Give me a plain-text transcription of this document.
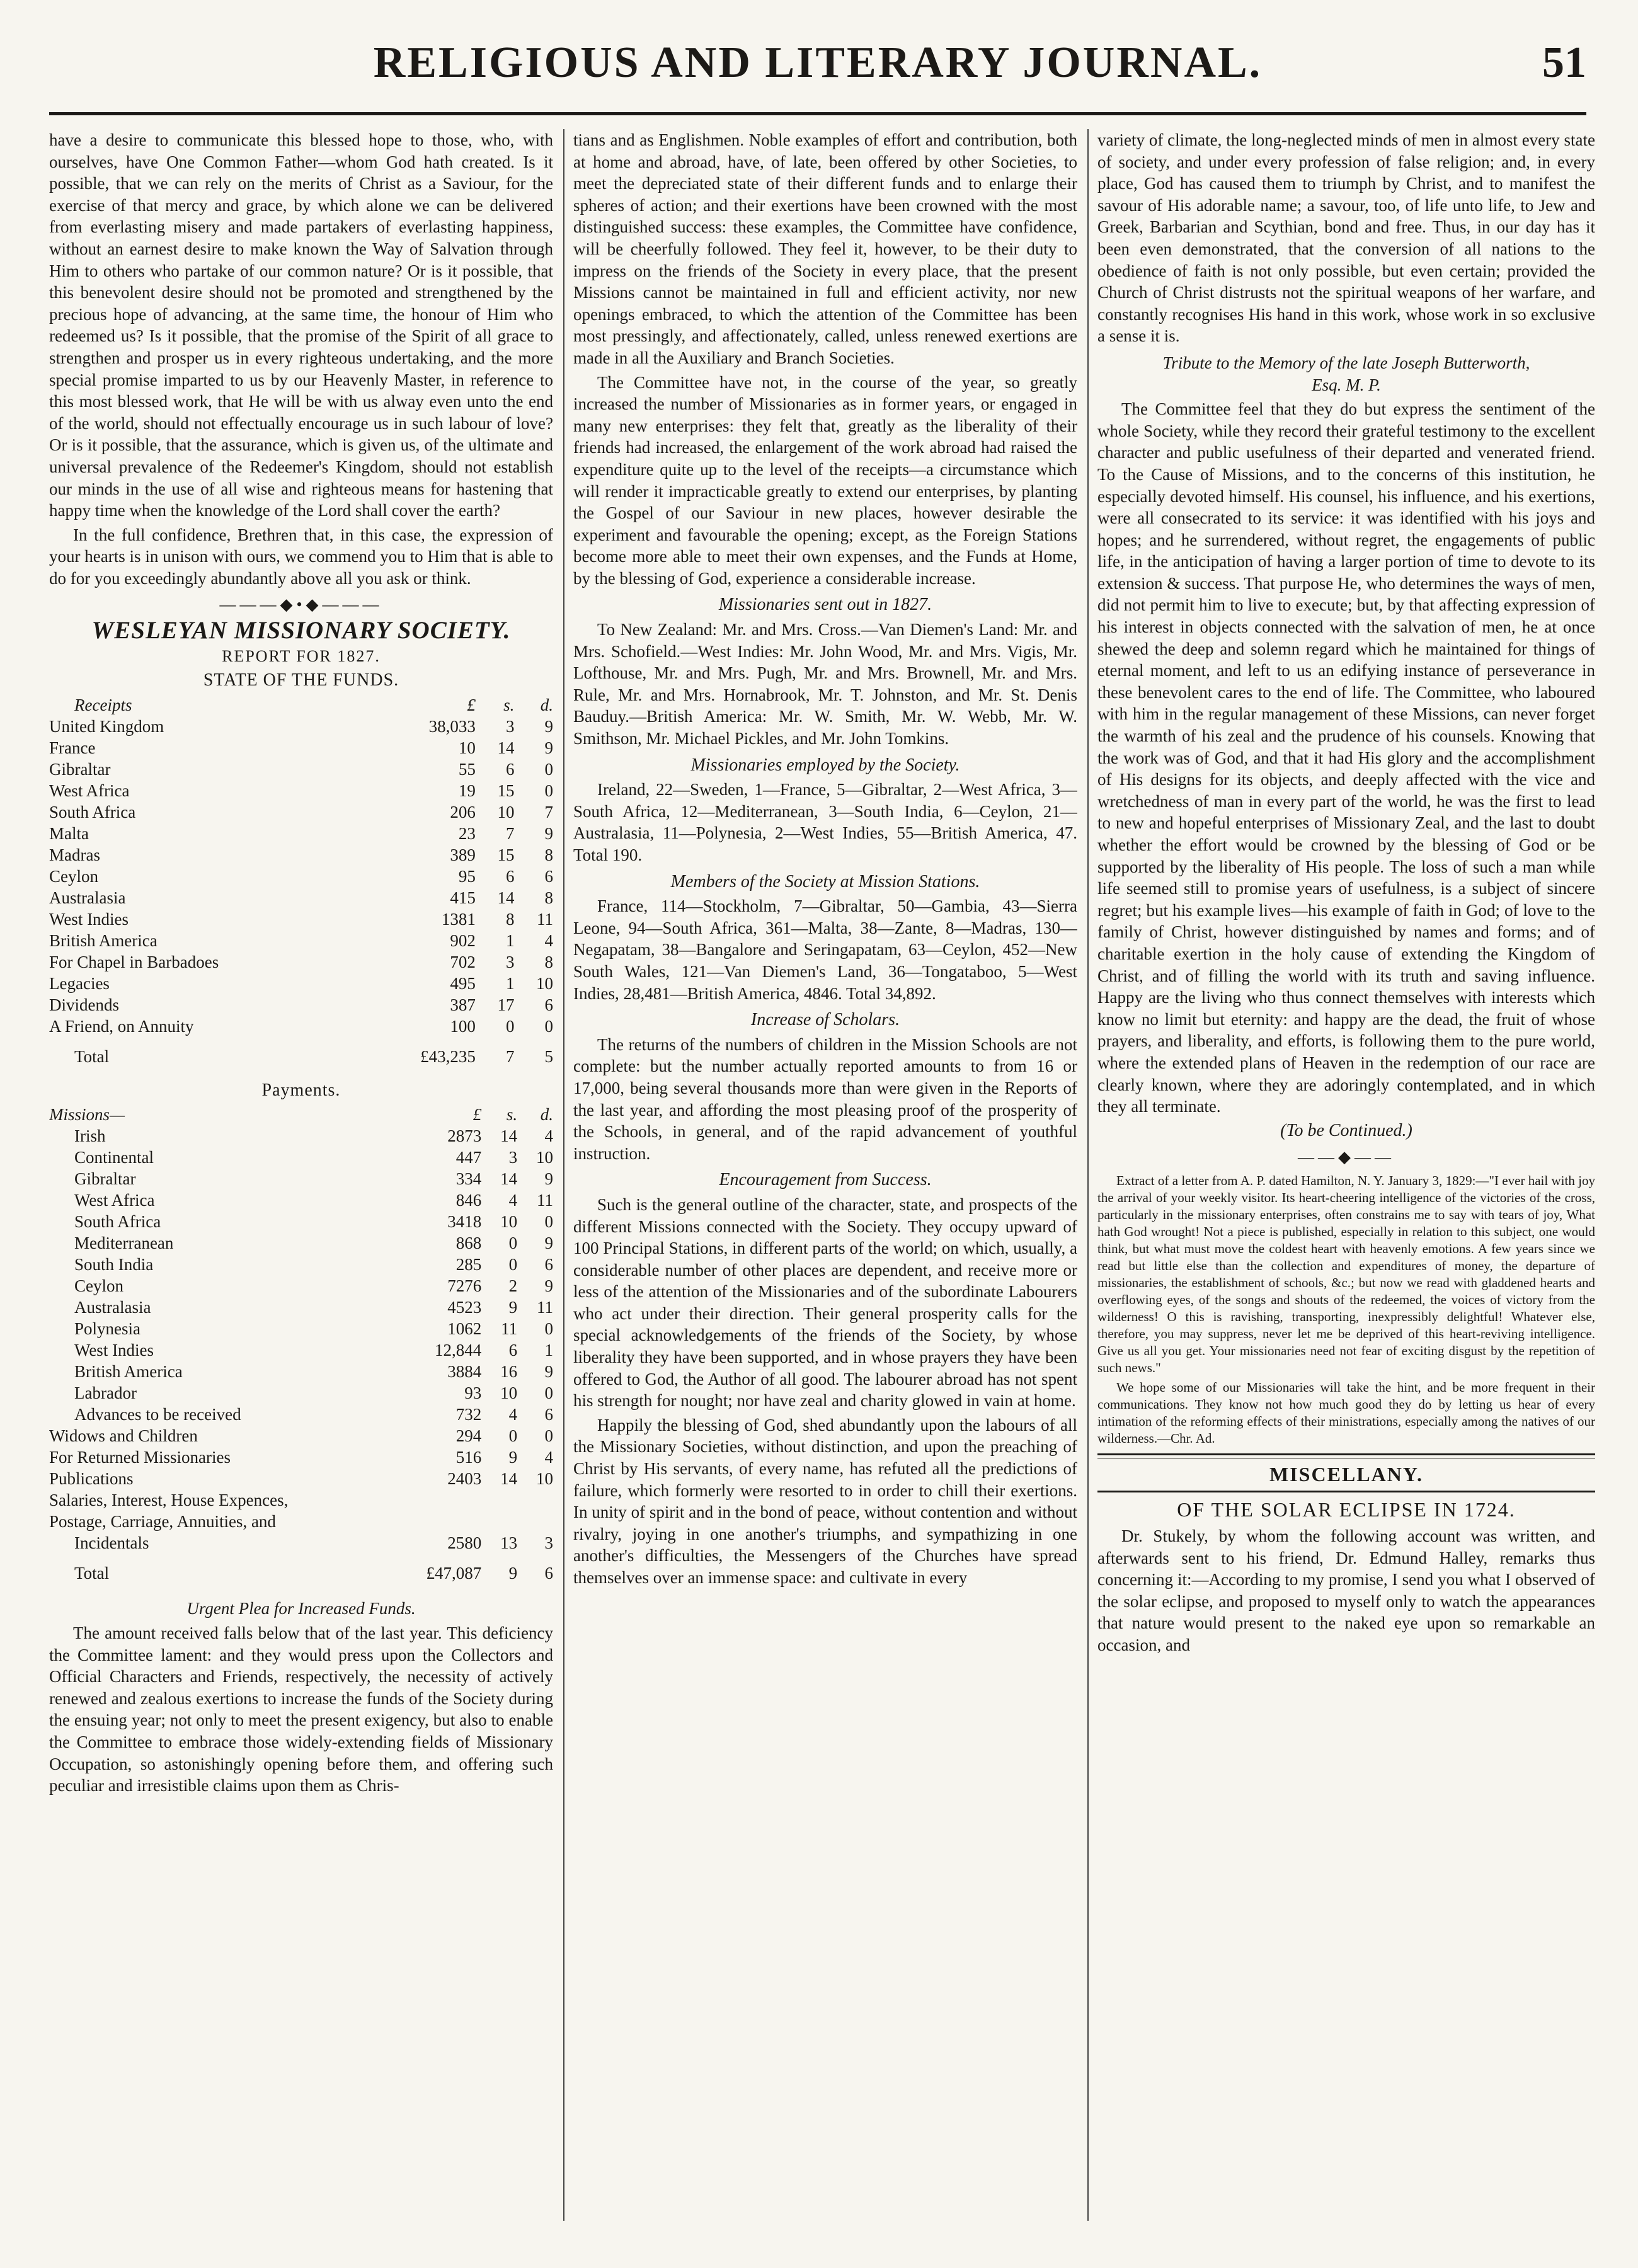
RELIGIOUS AND LITERARY JOURNAL.	51

have a desire to communicate this blessed hope to those, who, with ourselves, have One Common Father—whom God hath created. Is it possible, that we can rely on the merits of Christ as a Saviour, for the exercise of that mercy and grace, by which alone we can be delivered from everlasting misery and made partakers of everlasting happiness, without an earnest desire to make known the Way of Salvation through Him to others who partake of our common nature? Or is it possible, that this benevolent desire should not be promoted and strengthened by the precious hope of advancing, at the same time, the honour of Him who redeemed us? Is it possible, that the promise of the Spirit of all grace to strengthen and prosper us in every righteous undertaking, and the more special promise imparted to us by our Heavenly Master, in reference to this most blessed work, that He will be with us alway even unto the end of the world, should not effectually encourage us in such labour of love? Or is it possible, that the assurance, which is given us, of the ultimate and universal prevalence of the Redeemer's Kingdom, should not establish our minds in the use of all wise and righteous means for hastening that happy time when the knowledge of the Lord shall cover the earth?

In the full confidence, Brethren that, in this case, the expression of your hearts is in unison with ours, we commend you to Him that is able to do for you exceedingly abundantly above all you ask or think.

———◆•◆———
WESLEYAN MISSIONARY SOCIETY.
REPORT FOR 1827.
STATE OF THE FUNDS.
Receipts	£	s.	d.
United Kingdom	38,033	3	9
France	10	14	9
Gibraltar	55	6	0
West Africa	19	15	0
South Africa	206	10	7
Malta	23	7	9
Madras	389	15	8
Ceylon	95	6	6
Australasia	415	14	8
West Indies	1381	8	11
British America	902	1	4
For Chapel in Barbadoes	702	3	8
Legacies	495	1	10
Dividends	387	17	6
A Friend, on Annuity	100	0	0
Total	£43,235	7	5
Payments.
Missions—	£	s.	d.
Irish	2873	14	4
Continental	447	3	10
Gibraltar	334	14	9
West Africa	846	4	11
South Africa	3418	10	0
Mediterranean	868	0	9
South India	285	0	6
Ceylon	7276	2	9
Australasia	4523	9	11
Polynesia	1062	11	0
West Indies	12,844	6	1
British America	3884	16	9
Labrador	93	10	0
Advances to be received	732	4	6
Widows and Children	294	0	0
For Returned Missionaries	516	9	4
Publications	2403	14	10
Salaries, Interest, House Expences,			
Postage, Carriage, Annuities, and			
Incidentals	2580	13	3
Total	£47,087	9	6
Urgent Plea for Increased Funds.

The amount received falls below that of the last year. This deficiency the Committee lament: and they would press upon the Collectors and Official Characters and Friends, respectively, the necessity of actively renewed and zealous exertions to increase the funds of the Society during the ensuing year; not only to meet the present exigency, but also to enable the Committee to embrace those widely-extending fields of Missionary Occupation, so astonishingly opening before them, and offering such peculiar and irresistible claims upon them as Chris-

tians and as Englishmen. Noble examples of effort and contribution, both at home and abroad, have, of late, been offered by other Societies, to meet the depreciated state of their different funds and to enlarge their spheres of action; and their exertions have been crowned with the most distinguished success: these examples, the Committee have confidence, will be cheerfully followed. They feel it, however, to be their duty to impress on the friends of the Society in every place, that the present Missions cannot be maintained in full and efficient activity, nor new openings embraced, to which the attention of the Committee has been most pressingly, and affectionately, called, unless renewed exertions are made in all the Auxiliary and Branch Societies.

The Committee have not, in the course of the year, so greatly increased the number of Missionaries as in former years, or engaged in many new enterprises: they felt that, greatly as the liberality of their friends had increased, the enlargement of the work abroad had raised the expenditure quite up to the level of the receipts—a circumstance which will render it impracticable greatly to extend our enterprises, by planting the Gospel of our Saviour in new places, however desirable the experiment and favourable the opening; except, as the Foreign Stations become more able to meet their own expenses, and the Funds at Home, by the blessing of God, experience a considerable increase.

Missionaries sent out in 1827.

To New Zealand: Mr. and Mrs. Cross.—Van Diemen's Land: Mr. and Mrs. Schofield.—West Indies: Mr. John Wood, Mr. and Mrs. Vigis, Mr. Lofthouse, Mr. and Mrs. Pugh, Mr. and Mrs. Brownell, Mr. and Mrs. Rule, Mr. and Mrs. Hornabrook, Mr. T. Johnston, and Mr. St. Denis Bauduy.—British America: Mr. W. Smith, Mr. W. Webb, Mr. W. Smithson, Mr. Michael Pickles, and Mr. John Tomkins.

Missionaries employed by the Society.

Ireland, 22—Sweden, 1—France, 5—Gibraltar, 2—West Africa, 3—South Africa, 12—Mediterranean, 3—South India, 6—Ceylon, 21—Australasia, 11—Polynesia, 2—West Indies, 55—British America, 47. Total 190.

Members of the Society at Mission Stations.

France, 114—Stockholm, 7—Gibraltar, 50—Gambia, 43—Sierra Leone, 94—South Africa, 361—Malta, 38—Zante, 8—Madras, 130—Negapatam, 38—Bangalore and Seringapatam, 63—Ceylon, 452—New South Wales, 121—Van Diemen's Land, 36—Tongataboo, 5—West Indies, 28,481—British America, 4846. Total 34,892.

Increase of Scholars.

The returns of the numbers of children in the Mission Schools are not complete: but the number actually reported amounts to from 16 or 17,000, being several thousands more than were given in the Reports of the last year, and affording the most pleasing proof of the prosperity of the Schools, in general, and of the rapid advancement of youthful instruction.

Encouragement from Success.

Such is the general outline of the character, state, and prospects of the different Missions connected with the Society. They occupy upward of 100 Principal Stations, in different parts of the world; on which, usually, a considerable number of other places are dependent, and receive more or less of the attention of the Missionaries and of the subordinate Labourers who act under their direction. Their general prosperity calls for the special acknowledgements of the friends of the Society, by whose liberality they have been supported, and in whose prayers they have been offered to God, the Author of all good. The labourer abroad has not spent his strength for nought; nor have zeal and charity glowed in vain at home.

Happily the blessing of God, shed abundantly upon the labours of all the Missionary Societies, without distinction, and upon the preaching of Christ by His servants, of every name, has refuted all the predictions of failure, which formerly were resorted to in order to chill their exertions. In unity of spirit and in the bond of peace, without contention and without rivalry, joying in one another's triumphs, and sympathizing in one another's difficulties, the Messengers of the Churches have spread themselves over an immense space: and cultivate in every

variety of climate, the long-neglected minds of men in almost every state of society, and under every profession of false religion; and, in every place, God has caused them to triumph by Christ, and to manifest the savour of His adorable name; a savour, too, of life unto life, to Jew and Greek, Barbarian and Scythian, bond and free. Thus, in our day has it been even demonstrated, that the conversion of all nations to the obedience of faith is not only possible, but even certain; provided the Church of Christ distrusts not the spiritual weapons of her warfare, and constantly recognises His hand in this work, whose work in so exclusive a sense it is.

Tribute to the Memory of the late Joseph Butterworth,
Esq. M. P.

The Committee feel that they do but express the sentiment of the whole Society, while they record their grateful testimony to the excellent character and public usefulness of their departed and venerated friend. To the Cause of Missions, and to the concerns of this institution, he especially devoted himself. His counsel, his influence, and his exertions, were all consecrated to its service: it was identified with his joys and hopes; and he surrendered, without regret, the engagements of public life, in the anticipation of having a larger portion of time to devote to its extension & success. That purpose He, who determines the ways of men, did not permit him to live to execute; but, by that affecting expression of his interest in objects connected with the salvation of men, he at once shewed the deep and solemn regard which he maintained for things of eternal moment, and left to us an edifying instance of perseverance in these benevolent cares to the end of life. The Committee, who laboured with him in the regular management of these Missions, can never forget the warmth of his zeal and the prudence of his counsels. Knowing that the work was of God, and that it had His glory and the accomplishment of His designs for its objects, and deeply affected with the vice and wretchedness of man in every part of the world, he was the first to lead to new and hopeful enterprises of Missionary Zeal, and the last to doubt whether the effort would be crowned by the blessing of God or be supported by the liberality of His people. The loss of such a man while life seemed still to promise years of usefulness, is a subject of sincere regret; but his example lives—his example of faith in God; of love to the family of Christ, however distinguished by names and forms; and of charitable exertion in the holy cause of extending the Kingdom of Christ, and of filling the world with its truth and saving influence. Happy are the living who thus connect themselves with interests which know no limit but eternity: and happy are the dead, the fruit of whose prayers, and liberality, and efforts, is following them to the pure world, where the extended plans of Heaven in the redemption of our race are clearly known, where they are adoringly contemplated, and in which they all terminate.

(To be Continued.)
——◆——

Extract of a letter from A. P. dated Hamilton, N. Y. January 3, 1829:—"I ever hail with joy the arrival of your weekly visitor. Its heart-cheering intelligence of the victories of the cross, particularly in the missionary enterprises, often constrains me to say with tears of joy, What hath God wrought! Not a piece is published, especially in relation to this subject, one would think, but what must move the coldest heart with heavenly emotions. A few years since we read but little else than the collection and expenditures of money, the departure of missionaries, the establishment of schools, &c.; but now we read with gladdened hearts and overflowing eyes, of the songs and shouts of the redeemed, the voices of victory from the wilderness! O this is ravishing, transporting, inexpressibly delightful! Whatever else, therefore, you may suppress, never let me be deprived of this heart-reviving intelligence. Give us all you get. Your missionaries need not fear of exciting disgust by the repetition of such news."

We hope some of our Missionaries will take the hint, and be more frequent in their communications. They know not how much good they do by letting us hear of every intimation of the reforming effects of their ministrations, especially among the natives of our wilderness.—Chr. Ad.

MISCELLANY.
OF THE SOLAR ECLIPSE IN 1724.

Dr. Stukely, by whom the following account was written, and afterwards sent to his friend, Dr. Edmund Halley, remarks thus concerning it:—According to my promise, I send you what I observed of the solar eclipse, and proposed to myself only to watch the appearances that nature would present to the naked eye upon so remarkable an occasion, and
